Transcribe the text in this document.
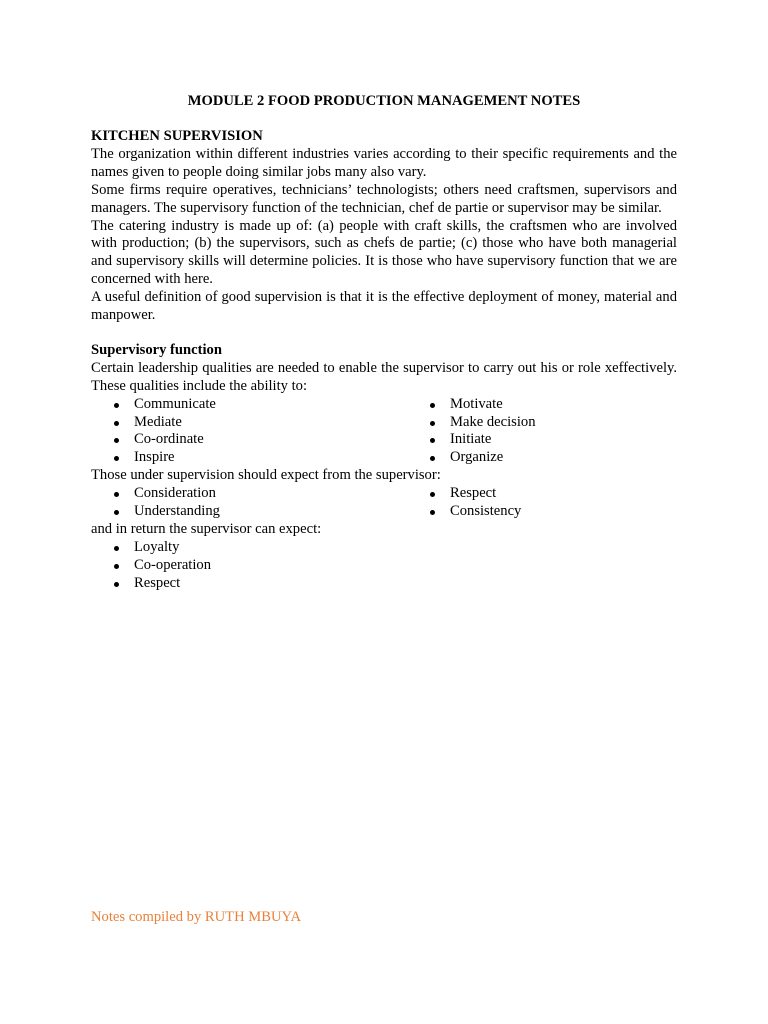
MODULE 2 FOOD PRODUCTION MANAGEMENT NOTES

KITCHEN SUPERVISION

The organization within different industries varies according to their specific requirements and the names given to people doing similar jobs many also vary.

Some firms require operatives, technicians’ technologists; others need craftsmen, supervisors and managers. The supervisory function of the technician, chef de partie or supervisor may be similar.

The catering industry is made up of: (a) people with craft skills, the craftsmen who are involved with production; (b) the supervisors, such as chefs de partie; (c) those who have both managerial and supervisory skills will determine policies. It is those who have supervisory function that we are concerned with here.

A useful definition of good supervision is that it is the effective deployment of money, material and manpower.

Supervisory function

Certain leadership qualities are needed to enable the supervisor to carry out his or role xeffectively. These qualities include the ability to:

Communicate	Motivate
Mediate	Make decision
Co-ordinate	Initiate
Inspire	Organize

Those under supervision should expect from the supervisor:

Consideration	Respect
Understanding	Consistency

and in return the supervisor can expect:

Loyalty
Co-operation
Respect
Notes compiled by RUTH MBUYA
